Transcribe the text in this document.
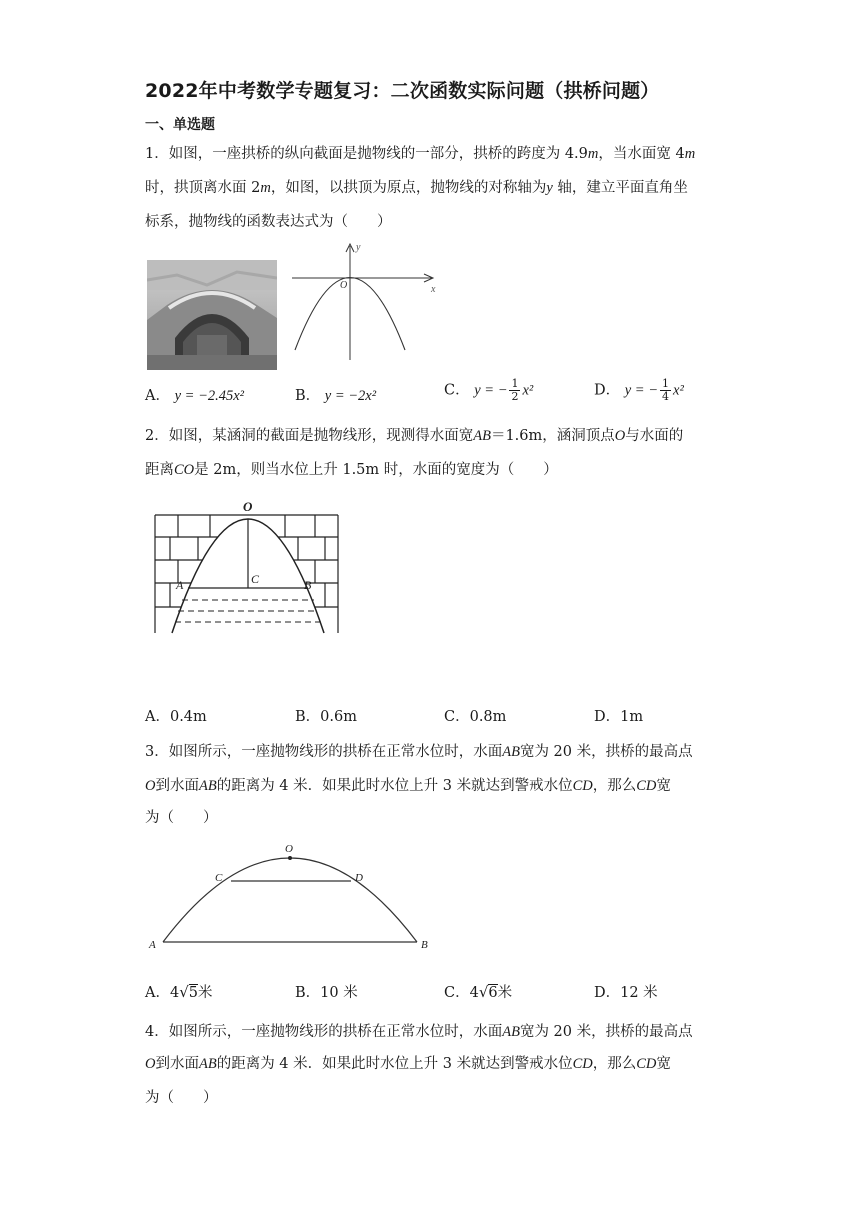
2022年中考数学专题复习：二次函数实际问题（拱桥问题）
一、单选题
1．如图，一座拱桥的纵向截面是抛物线的一部分，拱桥的跨度为 4.9m，当水面宽 4m
时，拱顶离水面 2m，如图，以拱顶为原点，抛物线的对称轴为y 轴，建立平面直角坐
标系，抛物线的函数表达式为（　　）
y
x
O
A． y = −2.45x²	B． y = −2x²	C． y = − $\frac{1}{2} x^2$	D． y = − $\frac{1}{4} x^2$
2．如图，某涵洞的截面是抛物线形，现测得水面宽AB＝1.6m，涵洞顶点O与水面的
距离CO是 2m，则当水位上升 1.5m 时，水面的宽度为（　　）
O
C
A	B
A．0.4m	B．0.6m	C．0.8m	D．1m
3．如图所示，一座抛物线形的拱桥在正常水位时，水面AB宽为 20 米，拱桥的最高点
O到水面AB的距离为 4 米．如果此时水位上升 3 米就达到警戒水位CD，那么CD宽
为（　　）
O
C	D
A	B
A．4√5米	B．10 米	C．4√6米	D．12 米
4．如图所示，一座抛物线形的拱桥在正常水位时，水面AB宽为 20 米，拱桥的最高点
O到水面AB的距离为 4 米．如果此时水位上升 3 米就达到警戒水位CD，那么CD宽
为（　　）
